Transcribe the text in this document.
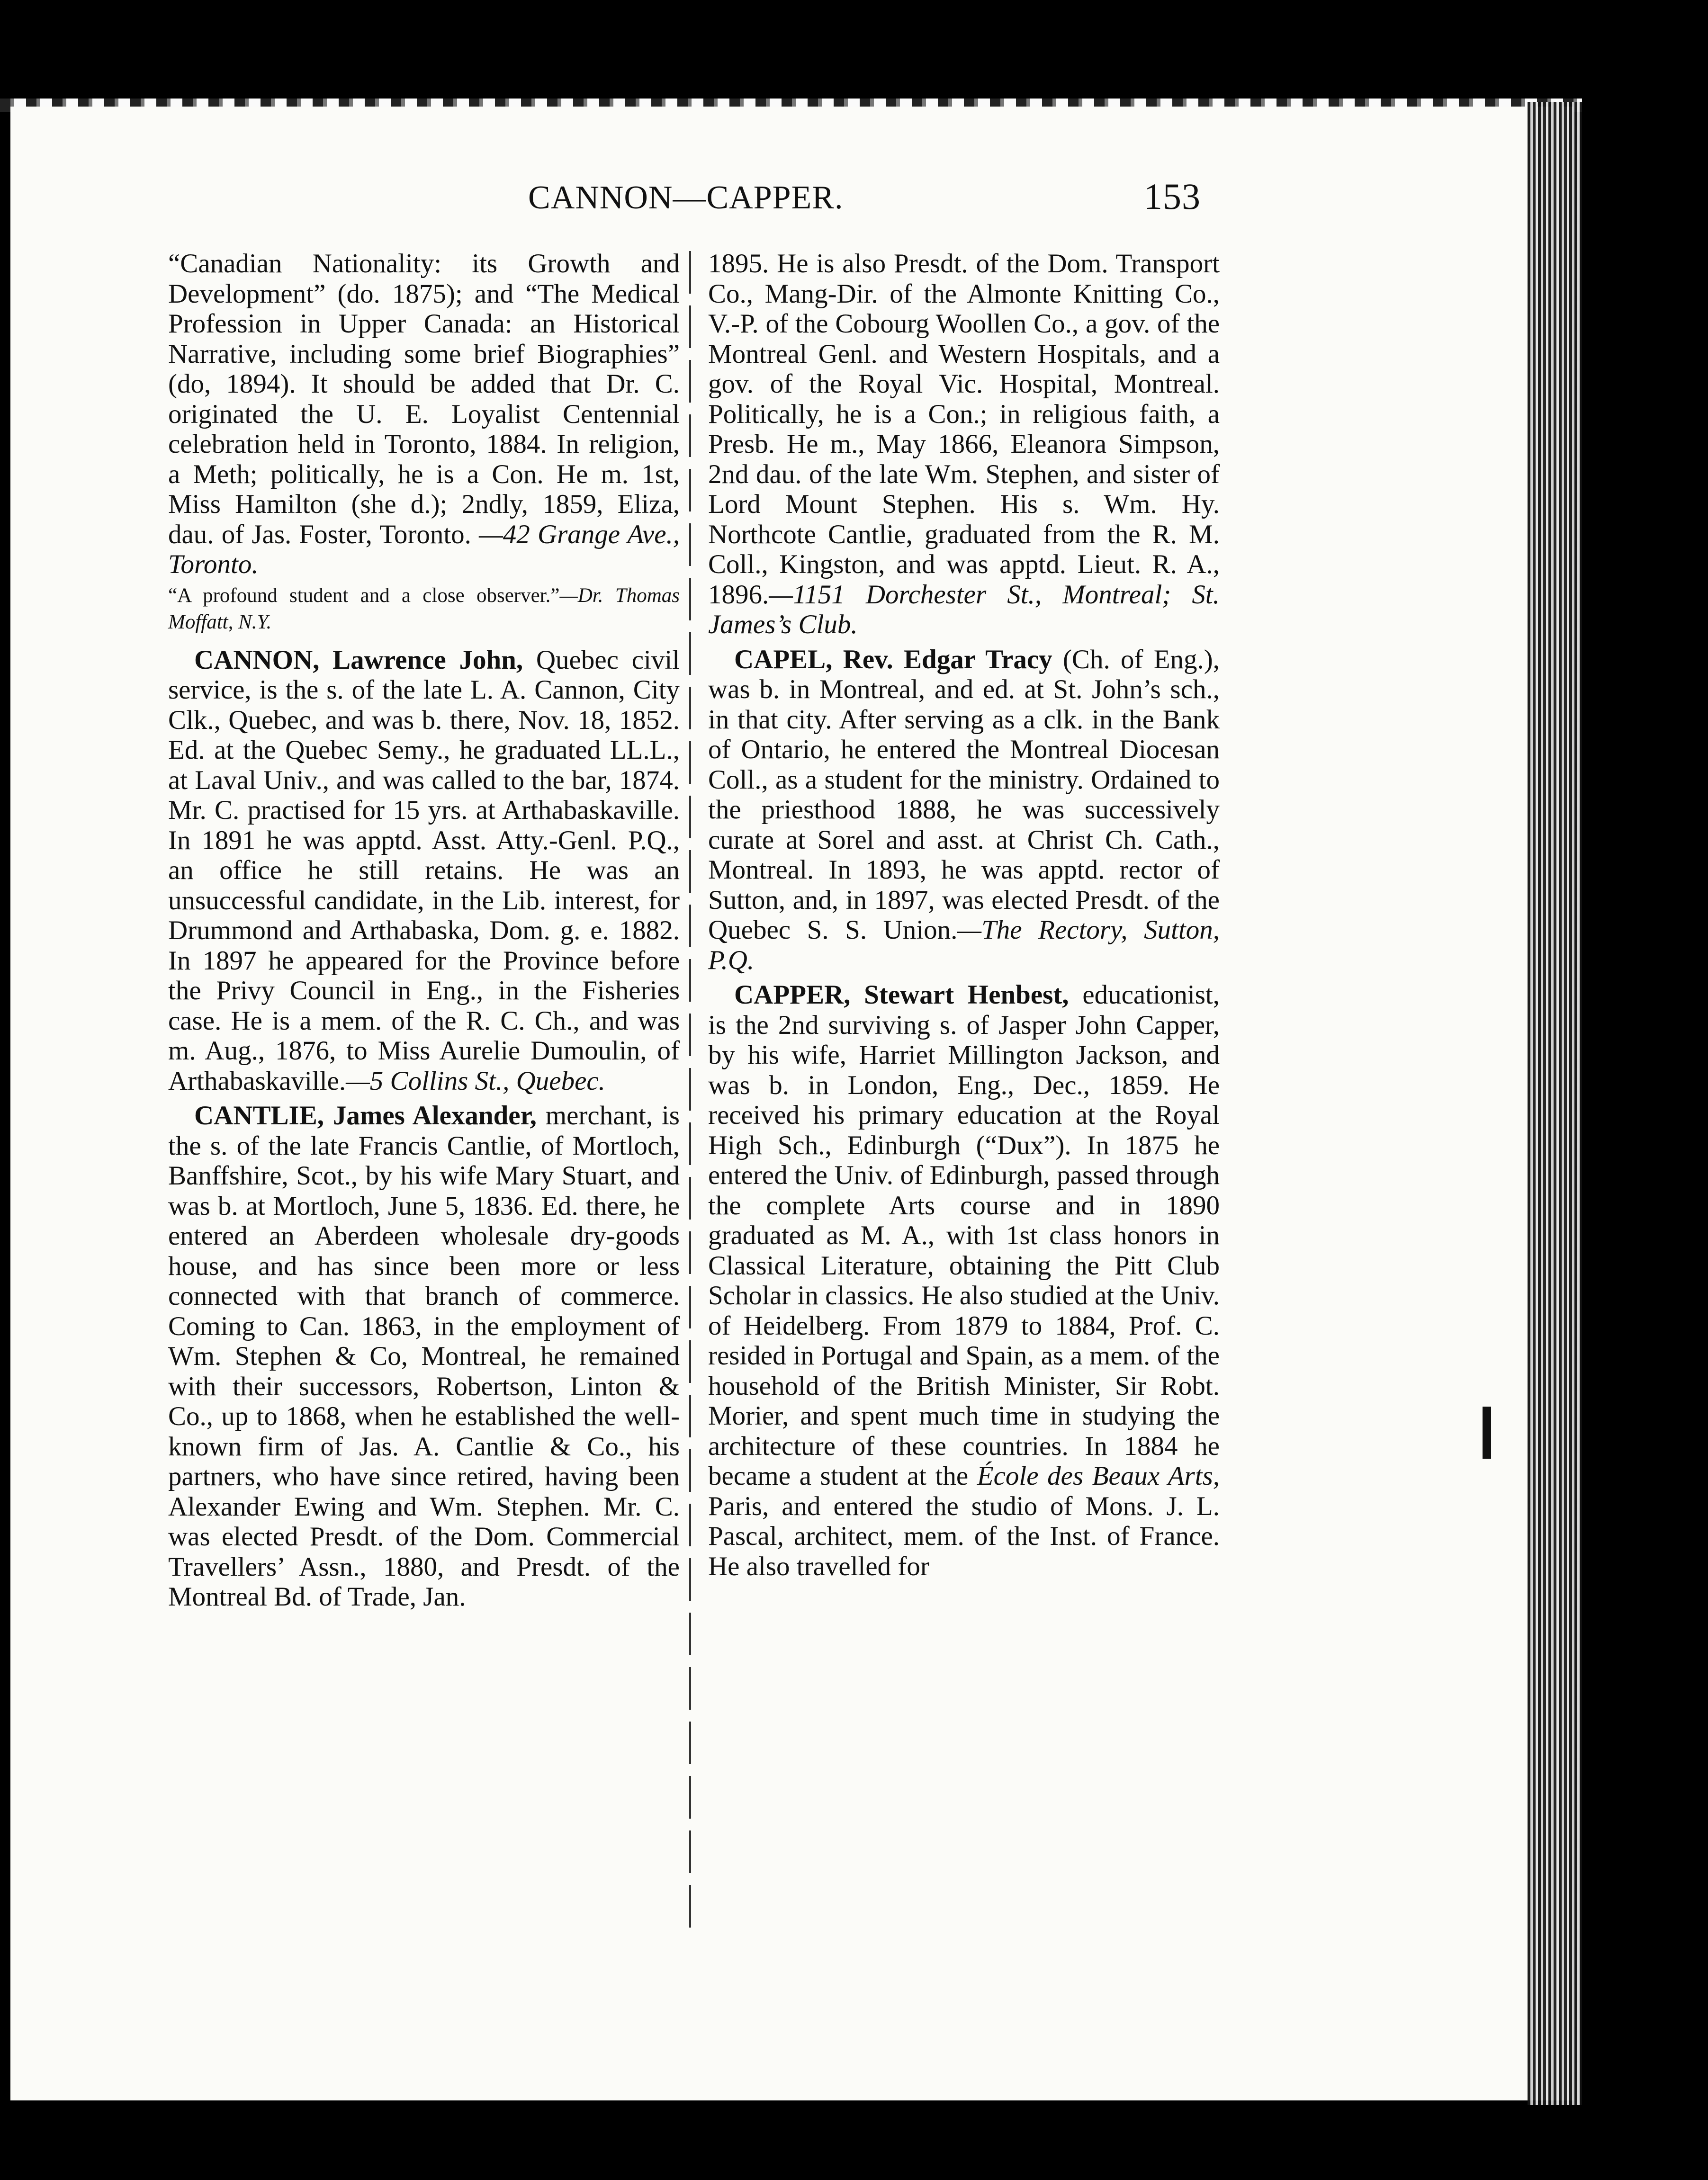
CANNON—CAPPER.	153

“Canadian Nationality: its Growth and Development” (do. 1875); and “The Medical Profession in Upper Canada: an Historical Narrative, including some brief Biographies” (do, 1894). It should be added that Dr. C. originated the U. E. Loyalist Centennial celebration held in Toronto, 1884. In religion, a Meth; politically, he is a Con. He m. 1st, Miss Hamilton (she d.); 2ndly, 1859, Eliza, dau. of Jas. Foster, Toronto. —42 Grange Ave., Toronto.

“A profound student and a close observer.”—Dr. Thomas Moffatt, N.Y.

CANNON, Lawrence John, Quebec civil service, is the s. of the late L. A. Cannon, City Clk., Quebec, and was b. there, Nov. 18, 1852. Ed. at the Quebec Semy., he graduated LL.L., at Laval Univ., and was called to the bar, 1874. Mr. C. practised for 15 yrs. at Arthabaskaville. In 1891 he was apptd. Asst. Atty.-Genl. P.Q., an office he still retains. He was an unsuccessful candidate, in the Lib. interest, for Drummond and Arthabaska, Dom. g. e. 1882. In 1897 he appeared for the Province before the Privy Council in Eng., in the Fisheries case. He is a mem. of the R. C. Ch., and was m. Aug., 1876, to Miss Aurelie Dumoulin, of Arthabaskaville.—5 Collins St., Quebec.

CANTLIE, James Alexander, merchant, is the s. of the late Francis Cantlie, of Mortloch, Banffshire, Scot., by his wife Mary Stuart, and was b. at Mortloch, June 5, 1836. Ed. there, he entered an Aberdeen wholesale dry-goods house, and has since been more or less connected with that branch of commerce. Coming to Can. 1863, in the employment of Wm. Stephen & Co, Montreal, he remained with their successors, Robertson, Linton & Co., up to 1868, when he established the well-known firm of Jas. A. Cantlie & Co., his partners, who have since retired, having been Alexander Ewing and Wm. Stephen. Mr. C. was elected Presdt. of the Dom. Commercial Travellers’ Assn., 1880, and Presdt. of the Montreal Bd. of Trade, Jan.

1895. He is also Presdt. of the Dom. Transport Co., Mang-Dir. of the Almonte Knitting Co., V.-P. of the Cobourg Woollen Co., a gov. of the Montreal Genl. and Western Hospitals, and a gov. of the Royal Vic. Hospital, Montreal. Politically, he is a Con.; in religious faith, a Presb. He m., May 1866, Eleanora Simpson, 2nd dau. of the late Wm. Stephen, and sister of Lord Mount Stephen. His s. Wm. Hy. Northcote Cantlie, graduated from the R. M. Coll., Kingston, and was apptd. Lieut. R. A., 1896.—1151 Dorchester St., Montreal; St. James’s Club.

CAPEL, Rev. Edgar Tracy (Ch. of Eng.), was b. in Montreal, and ed. at St. John’s sch., in that city. After serving as a clk. in the Bank of Ontario, he entered the Montreal Diocesan Coll., as a student for the ministry. Ordained to the priesthood 1888, he was successively curate at Sorel and asst. at Christ Ch. Cath., Montreal. In 1893, he was apptd. rector of Sutton, and, in 1897, was elected Presdt. of the Quebec S. S. Union.—The Rectory, Sutton, P.Q.

CAPPER, Stewart Henbest, educationist, is the 2nd surviving s. of Jasper John Capper, by his wife, Harriet Millington Jackson, and was b. in London, Eng., Dec., 1859. He received his primary education at the Royal High Sch., Edinburgh (“Dux”). In 1875 he entered the Univ. of Edinburgh, passed through the complete Arts course and in 1890 graduated as M. A., with 1st class honors in Classical Literature, obtaining the Pitt Club Scholar in classics. He also studied at the Univ. of Heidelberg. From 1879 to 1884, Prof. C. resided in Portugal and Spain, as a mem. of the household of the British Minister, Sir Robt. Morier, and spent much time in studying the architecture of these countries. In 1884 he became a student at the École des Beaux Arts, Paris, and entered the studio of Mons. J. L. Pascal, architect, mem. of the Inst. of France. He also travelled for
